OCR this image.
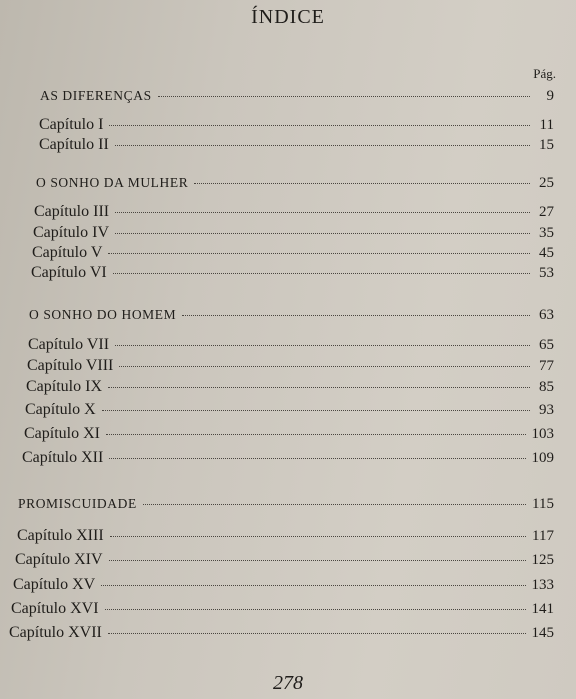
ÍNDICE
Pág.
AS DIFERENÇAS	9
Capítulo I	11
Capítulo II	15
O SONHO DA MULHER	25
Capítulo III	27
Capítulo IV	35
Capítulo V	45
Capítulo VI	53
O SONHO DO HOMEM	63
Capítulo VII	65
Capítulo VIII	77
Capítulo IX	85
Capítulo X	93
Capítulo XI	103
Capítulo XII	109
PROMISCUIDADE	115
Capítulo XIII	117
Capítulo XIV	125
Capítulo XV	133
Capítulo XVI	141
Capítulo XVII	145
278
